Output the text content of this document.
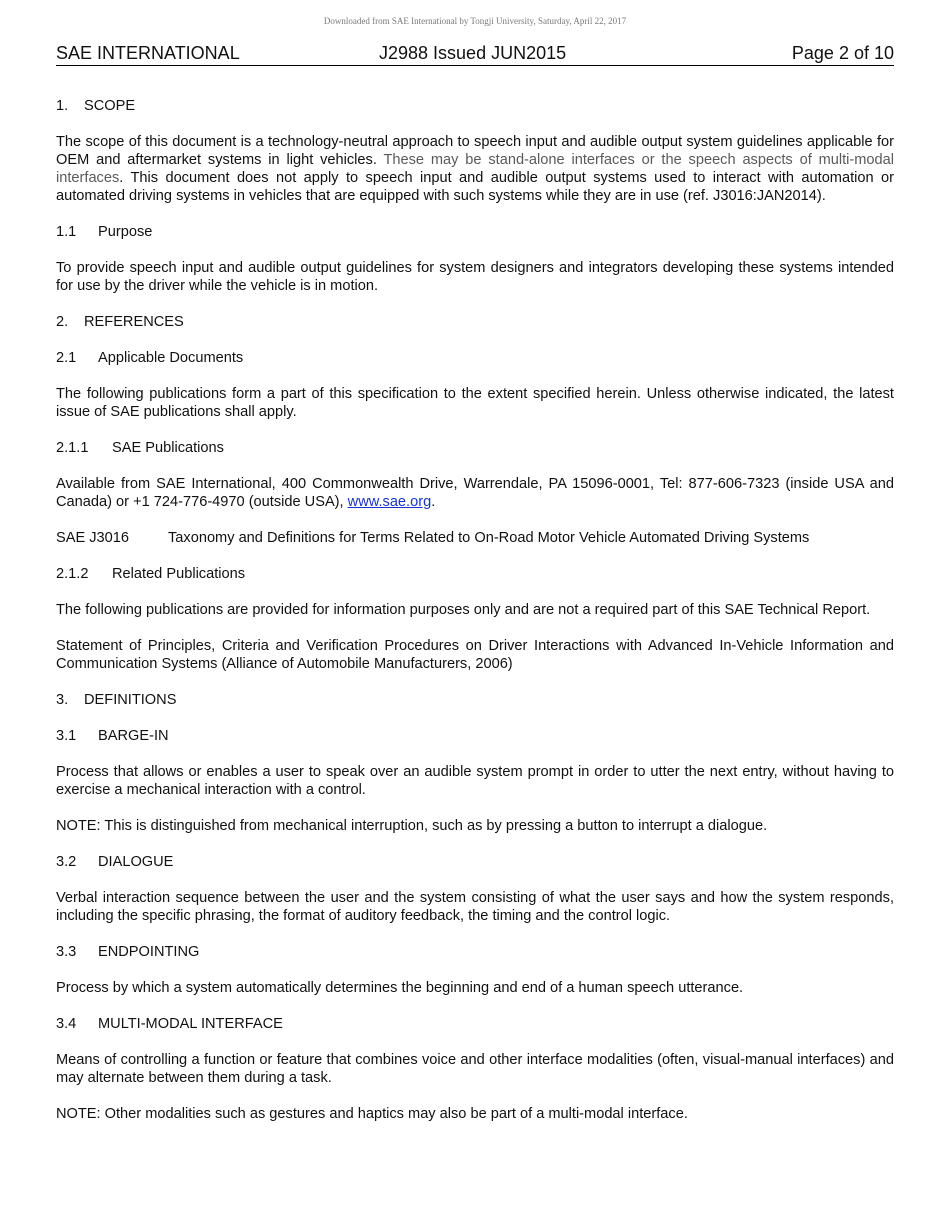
Downloaded from SAE International by Tongji University, Saturday, April 22, 2017
SAE INTERNATIONAL	J2988 Issued JUN2015	Page 2 of 10

1. SCOPE

The scope of this document is a technology-neutral approach to speech input and audible output system guidelines applicable for OEM and aftermarket systems in light vehicles. These may be stand-alone interfaces or the speech aspects of multi-modal interfaces. This document does not apply to speech input and audible output systems used to interact with automation or automated driving systems in vehicles that are equipped with such systems while they are in use (ref. J3016:JAN2014).

1.1 Purpose

To provide speech input and audible output guidelines for system designers and integrators developing these systems intended for use by the driver while the vehicle is in motion.

2. REFERENCES

2.1 Applicable Documents

The following publications form a part of this specification to the extent specified herein. Unless otherwise indicated, the latest issue of SAE publications shall apply.

2.1.1 SAE Publications

Available from SAE International, 400 Commonwealth Drive, Warrendale, PA 15096-0001, Tel: 877-606-7323 (inside USA and Canada) or +1 724-776-4970 (outside USA), www.sae.org.

SAE J3016	Taxonomy and Definitions for Terms Related to On-Road Motor Vehicle Automated Driving Systems

2.1.2 Related Publications

The following publications are provided for information purposes only and are not a required part of this SAE Technical Report.

Statement of Principles, Criteria and Verification Procedures on Driver Interactions with Advanced In-Vehicle Information and Communication Systems (Alliance of Automobile Manufacturers, 2006)

3. DEFINITIONS

3.1 BARGE-IN

Process that allows or enables a user to speak over an audible system prompt in order to utter the next entry, without having to exercise a mechanical interaction with a control.

NOTE: This is distinguished from mechanical interruption, such as by pressing a button to interrupt a dialogue.

3.2 DIALOGUE

Verbal interaction sequence between the user and the system consisting of what the user says and how the system responds, including the specific phrasing, the format of auditory feedback, the timing and the control logic.

3.3 ENDPOINTING

Process by which a system automatically determines the beginning and end of a human speech utterance.

3.4 MULTI-MODAL INTERFACE

Means of controlling a function or feature that combines voice and other interface modalities (often, visual-manual interfaces) and may alternate between them during a task.

NOTE: Other modalities such as gestures and haptics may also be part of a multi-modal interface.
